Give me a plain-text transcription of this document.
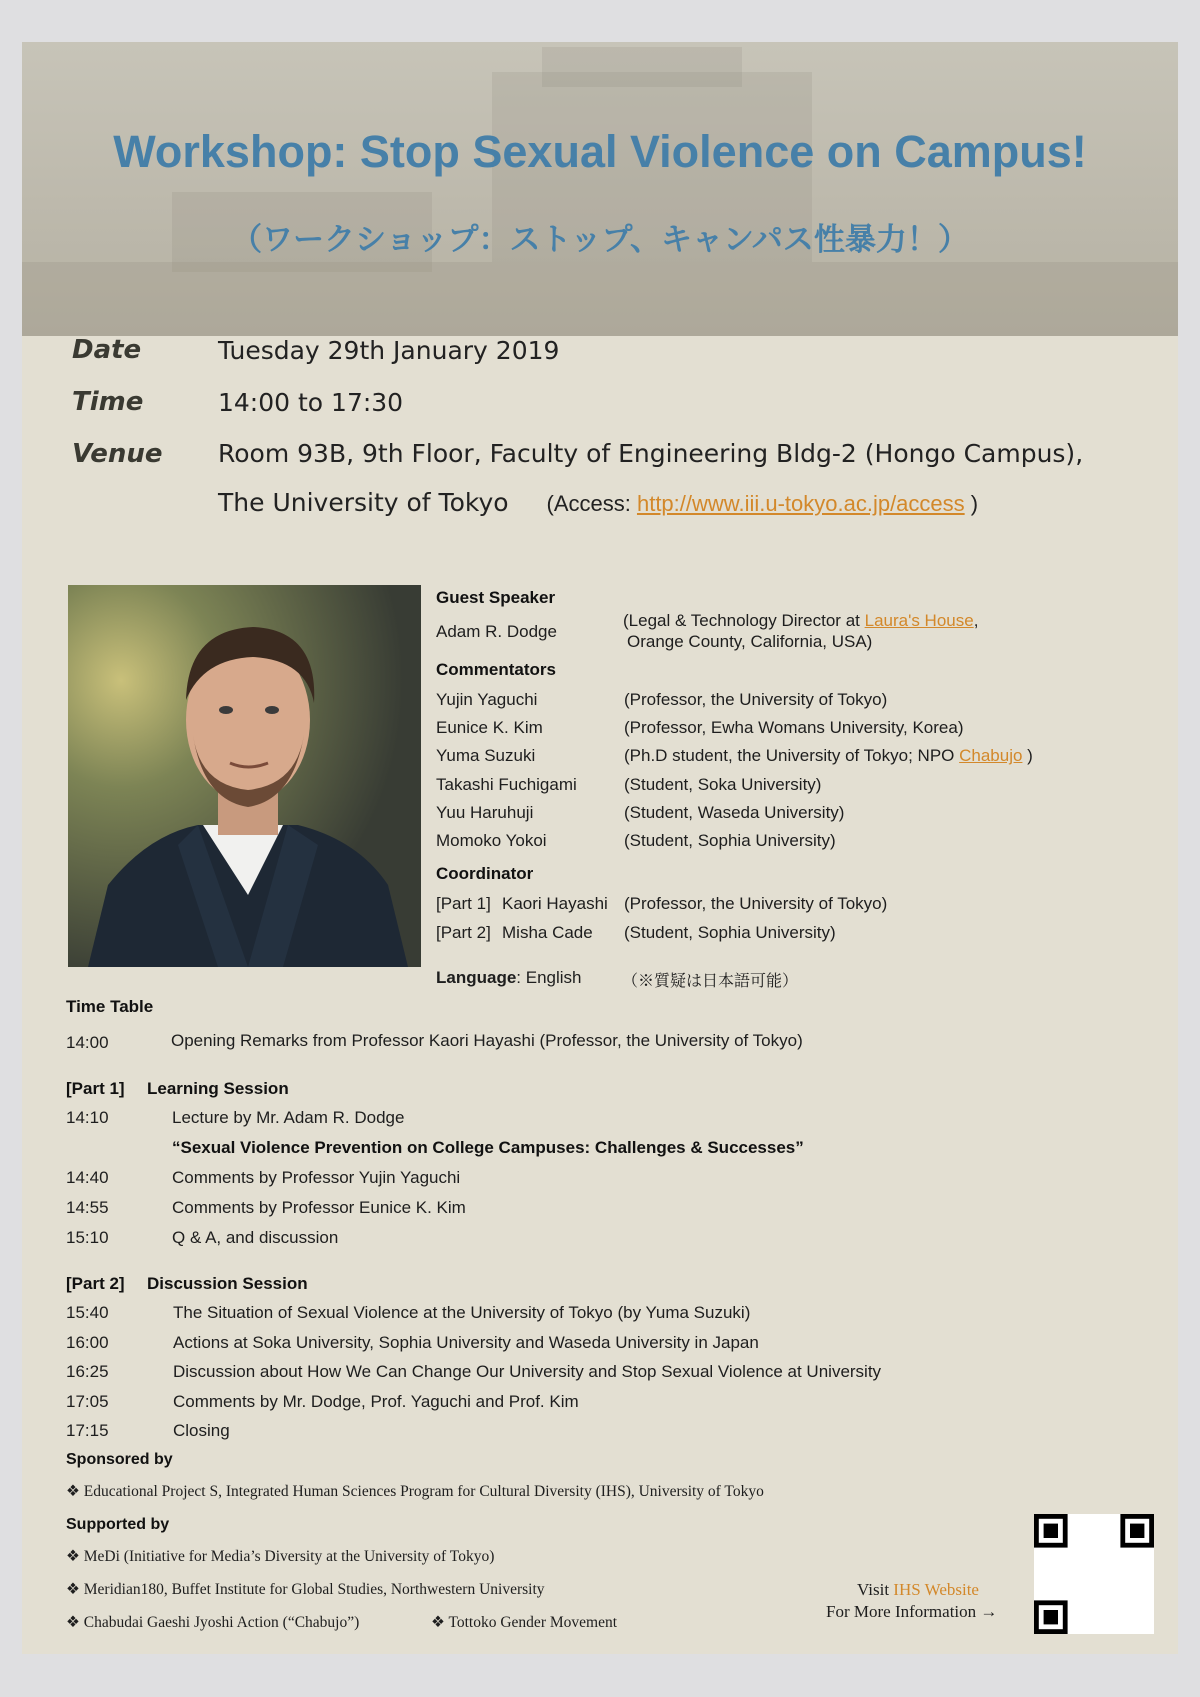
Workshop: Stop Sexual Violence on Campus!
（ワークショップ：ストップ、キャンパス性暴力！）
Date	Tuesday 29th January 2019
Time	14:00 to 17:30
Venue Room 93B, 9th Floor, Faculty of Engineering Bldg-2 (Hongo Campus),
The University of Tokyo (Access: http://www.iii.u-tokyo.ac.jp/access )
Guest Speaker
Adam R. Dodge
(Legal & Technology Director at Laura's House,
Orange County, California, USA)
Commentators
Yujin Yaguchi	(Professor, the University of Tokyo)
Eunice K. Kim	(Professor, Ewha Womans University, Korea)
Yuma Suzuki	(Ph.D student, the University of Tokyo; NPO Chabujo )
Takashi Fuchigami	(Student, Soka University)
Yuu Haruhuji	(Student, Waseda University)
Momoko Yokoi	(Student, Sophia University)
Coordinator
[Part 1] Kaori Hayashi (Professor, the University of Tokyo)
[Part 2] Misha Cade (Student, Sophia University)
Language: English	（※質疑は日本語可能）
Time Table
14:00	Opening Remarks from Professor Kaori Hayashi (Professor, the University of Tokyo)
[Part 1] Learning Session
14:10	Lecture by Mr. Adam R. Dodge
“Sexual Violence Prevention on College Campuses: Challenges & Successes”
14:40	Comments by Professor Yujin Yaguchi
14:55	Comments by Professor Eunice K. Kim
15:10	Q & A, and discussion
[Part 2] Discussion Session
15:40	The Situation of Sexual Violence at the University of Tokyo (by Yuma Suzuki)
16:00	Actions at Soka University, Sophia University and Waseda University in Japan
16:25	Discussion about How We Can Change Our University and Stop Sexual Violence at University
17:05	Comments by Mr. Dodge, Prof. Yaguchi and Prof. Kim
17:15	Closing
Sponsored by
❖ Educational Project S, Integrated Human Sciences Program for Cultural Diversity (IHS), University of Tokyo
Supported by
❖ MeDi (Initiative for Media’s Diversity at the University of Tokyo)
❖ Meridian180, Buffet Institute for Global Studies, Northwestern University
❖ Chabudai Gaeshi Jyoshi Action (“Chabujo”)	❖ Tottoko Gender Movement
Visit IHS Website
For More Information →
